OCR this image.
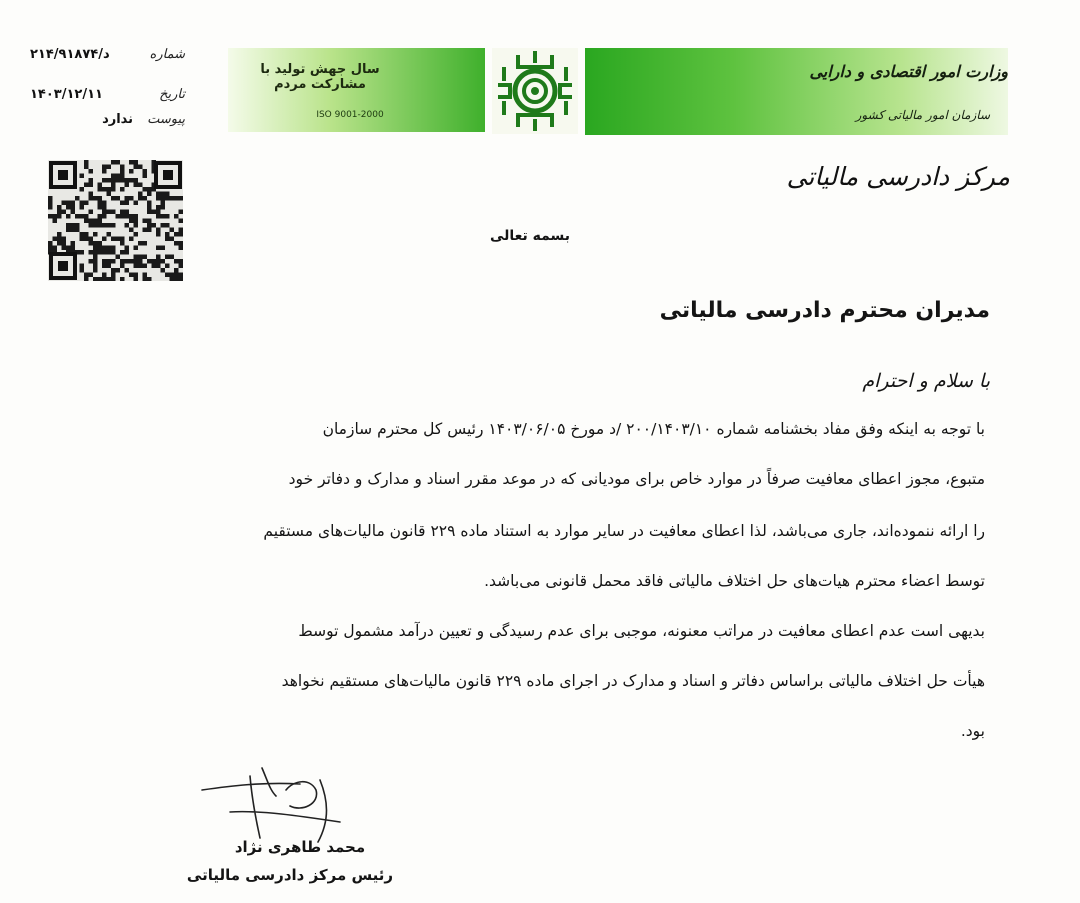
سال جهش تولید با مشارکت مردم
ISO 9001-2000
وزارت امور اقتصادی و دارایی
سازمان امور مالیاتی کشور
مرکز دادرسی مالیاتی
شماره
د/۲۱۴/۹۱۸۷۴
تاریخ
۱۴۰۳/۱۲/۱۱
پیوست
ندارد
بسمه تعالی
مدیران محترم دادرسی مالیاتی
با سلام و احترام
با توجه به اینکه وفق مفاد بخشنامه شماره ۲۰۰/۱۴۰۳/۱۰ /د مورخ ۱۴۰۳/۰۶/۰۵ رئیس کل محترم سازمان
متبوع، مجوز اعطای معافیت صرفاً در موارد خاص برای مودیانی که در موعد مقرر اسناد و مدارک و دفاتر خود
را ارائه ننموده‌اند، جاری می‌باشد، لذا اعطای معافیت در سایر موارد به استناد ماده ۲۲۹ قانون مالیات‌های مستقیم
توسط اعضاء محترم هیات‌های حل اختلاف مالیاتی فاقد محمل قانونی می‌باشد.
بدیهی است عدم اعطای معافیت در مراتب معنونه، موجبی برای عدم رسیدگی و تعیین درآمد مشمول توسط
هیأت حل اختلاف مالیاتی براساس دفاتر و اسناد و مدارک در اجرای ماده ۲۲۹ قانون مالیات‌های مستقیم نخواهد
بود.
محمد طاهری نژاد
رئیس مرکز دادرسی مالیاتی
